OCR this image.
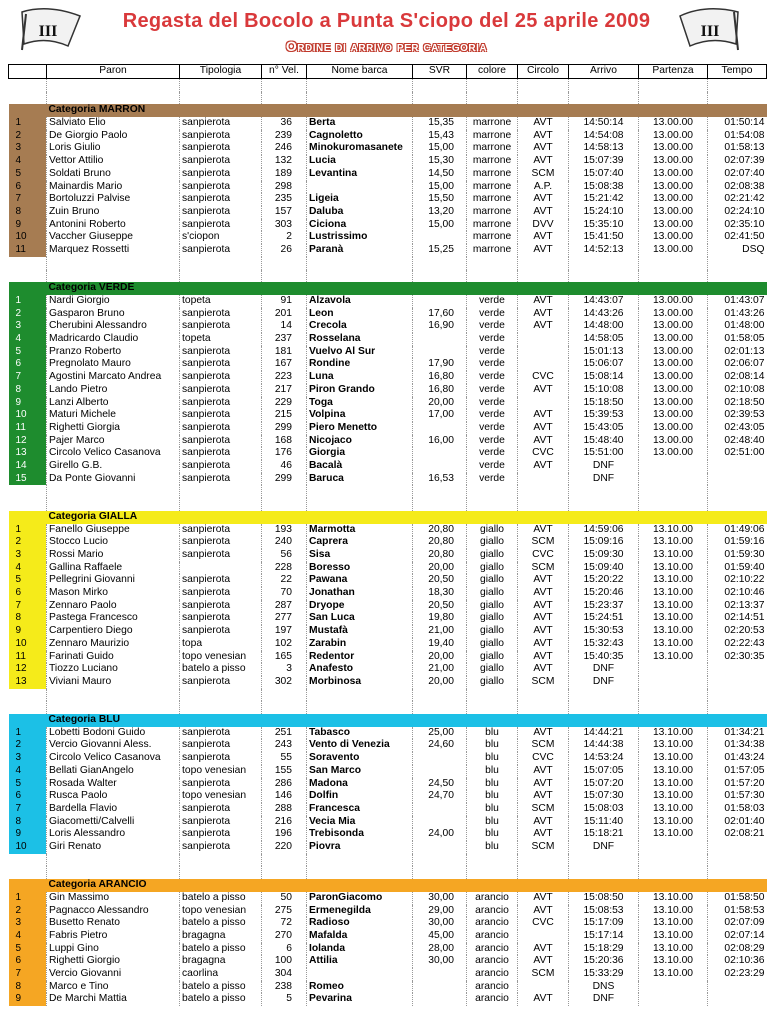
III	III
Regasta del Bocolo a Punta S'ciopo del 25 aprile 2009
Ordine di arrivo per categoria
	Paron	Tipologia	n° Vel.	Nome barca	SVR	colore	Circolo	Arrivo	Partenza	Tempo

	Categoria MARRON									
1	Salviato Elio	sanpierota	36	Berta	15,35	marrone	AVT	14:50:14	13.00.00	01:50:14
2	De Giorgio Paolo	sanpierota	239	Cagnoletto	15,43	marrone	AVT	14:54:08	13.00.00	01:54:08
3	Loris Giulio	sanpierota	246	Minokuromasanete	15,00	marrone	AVT	14:58:13	13.00.00	01:58:13
4	Vettor Attilio	sanpierota	132	Lucia	15,30	marrone	AVT	15:07:39	13.00.00	02:07:39
5	Soldati Bruno	sanpierota	189	Levantina	14,50	marrone	SCM	15:07:40	13.00.00	02:07:40
6	Mainardis Mario	sanpierota	298		15,00	marrone	A.P.	15:08:38	13.00.00	02:08:38
7	Bortoluzzi Palvise	sanpierota	235	Ligeia	15,50	marrone	AVT	15:21:42	13.00.00	02:21:42
8	Zuin Bruno	sanpierota	157	Daluba	13,20	marrone	AVT	15:24:10	13.00.00	02:24:10
9	Antonini Roberto	sanpierota	303	Ciciona	15,00	marrone	DVV	15:35:10	13.00.00	02:35:10
10	Vaccher Giuseppe	s'ciopon	2	Lustrissimo		marrone	AVT	15:41:50	13.00.00	02:41:50
11	Marquez Rossetti	sanpierota	26	Paranà	15,25	marrone	AVT	14:52:13	13.00.00	DSQ

	Categoria VERDE									
1	Nardi Giorgio	topeta	91	Alzavola		verde	AVT	14:43:07	13.00.00	01:43:07
2	Gasparon Bruno	sanpierota	201	Leon	17,60	verde	AVT	14:43:26	13.00.00	01:43:26
3	Cherubini Alessandro	sanpierota	14	Crecola	16,90	verde	AVT	14:48:00	13.00.00	01:48:00
4	Madricardo Claudio	topeta	237	Rosselana		verde		14:58:05	13.00.00	01:58:05
5	Pranzo Roberto	sanpierota	181	Vuelvo Al Sur		verde		15:01:13	13.00.00	02:01:13
6	Pregnolato Mauro	sanpierota	167	Rondine	17,90	verde		15:06:07	13.00.00	02:06:07
7	Agostini Marcato Andrea	sanpierota	223	Luna	16,80	verde	CVC	15:08:14	13.00.00	02:08:14
8	Lando Pietro	sanpierota	217	Piron Grando	16,80	verde	AVT	15:10:08	13.00.00	02:10:08
9	Lanzi Alberto	sanpierota	229	Toga	20,00	verde		15:18:50	13.00.00	02:18:50
10	Maturi Michele	sanpierota	215	Volpina	17,00	verde	AVT	15:39:53	13.00.00	02:39:53
11	Righetti Giorgia	sanpierota	299	Piero Menetto		verde	AVT	15:43:05	13.00.00	02:43:05
12	Pajer Marco	sanpierota	168	Nicojaco	16,00	verde	AVT	15:48:40	13.00.00	02:48:40
13	Circolo Velico Casanova	sanpierota	176	Giorgia		verde	CVC	15:51:00	13.00.00	02:51:00
14	Girello G.B.	sanpierota	46	Bacalà		verde	AVT	DNF		
15	Da Ponte Giovanni	sanpierota	299	Baruca	16,53	verde		DNF		

	Categoria GIALLA									
1	Fanello Giuseppe	sanpierota	193	Marmotta	20,80	giallo	AVT	14:59:06	13.10.00	01:49:06
2	Stocco Lucio	sanpierota	240	Caprera	20,80	giallo	SCM	15:09:16	13.10.00	01:59:16
3	Rossi Mario	sanpierota	56	Sisa	20,80	giallo	CVC	15:09:30	13.10.00	01:59:30
4	Gallina Raffaele		228	Boresso	20,00	giallo	SCM	15:09:40	13.10.00	01:59:40
5	Pellegrini Giovanni	sanpierota	22	Pawana	20,50	giallo	AVT	15:20:22	13.10.00	02:10:22
6	Mason Mirko	sanpierota	70	Jonathan	18,30	giallo	AVT	15:20:46	13.10.00	02:10:46
7	Zennaro Paolo	sanpierota	287	Dryope	20,50	giallo	AVT	15:23:37	13.10.00	02:13:37
8	Pastega Francesco	sanpierota	277	San Luca	19,80	giallo	AVT	15:24:51	13.10.00	02:14:51
9	Carpentiero Diego	sanpierota	197	Mustafà	21,00	giallo	AVT	15:30:53	13.10.00	02:20:53
10	Zennaro Maurizio	topa	102	Zarabin	19,40	giallo	AVT	15:32:43	13.10.00	02:22:43
11	Farinati Guido	topo venesian	165	Redentor	20,00	giallo	AVT	15:40:35	13.10.00	02:30:35
12	Tiozzo Luciano	batelo a pisso	3	Anafesto	21,00	giallo	AVT	DNF		
13	Viviani Mauro	sanpierota	302	Morbinosa	20,00	giallo	SCM	DNF		

	Categoria BLU									
1	Lobetti Bodoni Guido	sanpierota	251	Tabasco	25,00	blu	AVT	14:44:21	13.10.00	01:34:21
2	Vercio Giovanni Aless.	sanpierota	243	Vento di Venezia	24,60	blu	SCM	14:44:38	13.10.00	01:34:38
3	Circolo Velico Casanova	sanpierota	55	Soravento		blu	CVC	14:53:24	13.10.00	01:43:24
4	Bellati GianAngelo	topo venesian	155	San Marco		blu	AVT	15:07:05	13.10.00	01:57:05
5	Rosada Walter	sanpierota	286	Madona	24,50	blu	AVT	15:07:20	13.10.00	01:57:20
6	Rusca Paolo	topo venesian	146	Dolfin	24,70	blu	AVT	15:07:30	13.10.00	01:57:30
7	Bardella Flavio	sanpierota	288	Francesca		blu	SCM	15:08:03	13.10.00	01:58:03
8	Giacometti/Calvelli	sanpierota	216	Vecia Mia		blu	AVT	15:11:40	13.10.00	02:01:40
9	Loris Alessandro	sanpierota	196	Trebisonda	24,00	blu	AVT	15:18:21	13.10.00	02:08:21
10	Giri Renato	sanpierota	220	Piovra		blu	SCM	DNF		

	Categoria ARANCIO									
1	Gin Massimo	batelo a pisso	50	ParonGiacomo	30,00	arancio	AVT	15:08:50	13.10.00	01:58:50
2	Pagnacco Alessandro	topo venesian	275	Ermenegilda	29,00	arancio	AVT	15:08:53	13.10.00	01:58:53
3	Busetto Renato	batelo a pisso	72	Radioso	30,00	arancio	CVC	15:17:09	13.10.00	02:07:09
4	Fabris Pietro	bragagna	270	Mafalda	45,00	arancio		15:17:14	13.10.00	02:07:14
5	Luppi Gino	batelo a pisso	6	Iolanda	28,00	arancio	AVT	15:18:29	13.10.00	02:08:29
6	Righetti Giorgio	bragagna	100	Attilia	30,00	arancio	AVT	15:20:36	13.10.00	02:10:36
7	Vercio Giovanni	caorlina	304			arancio	SCM	15:33:29	13.10.00	02:23:29
8	Marco e Tino	batelo a pisso	238	Romeo		arancio		DNS		
9	De Marchi Mattia	batelo a pisso	5	Pevarina		arancio	AVT	DNF		
